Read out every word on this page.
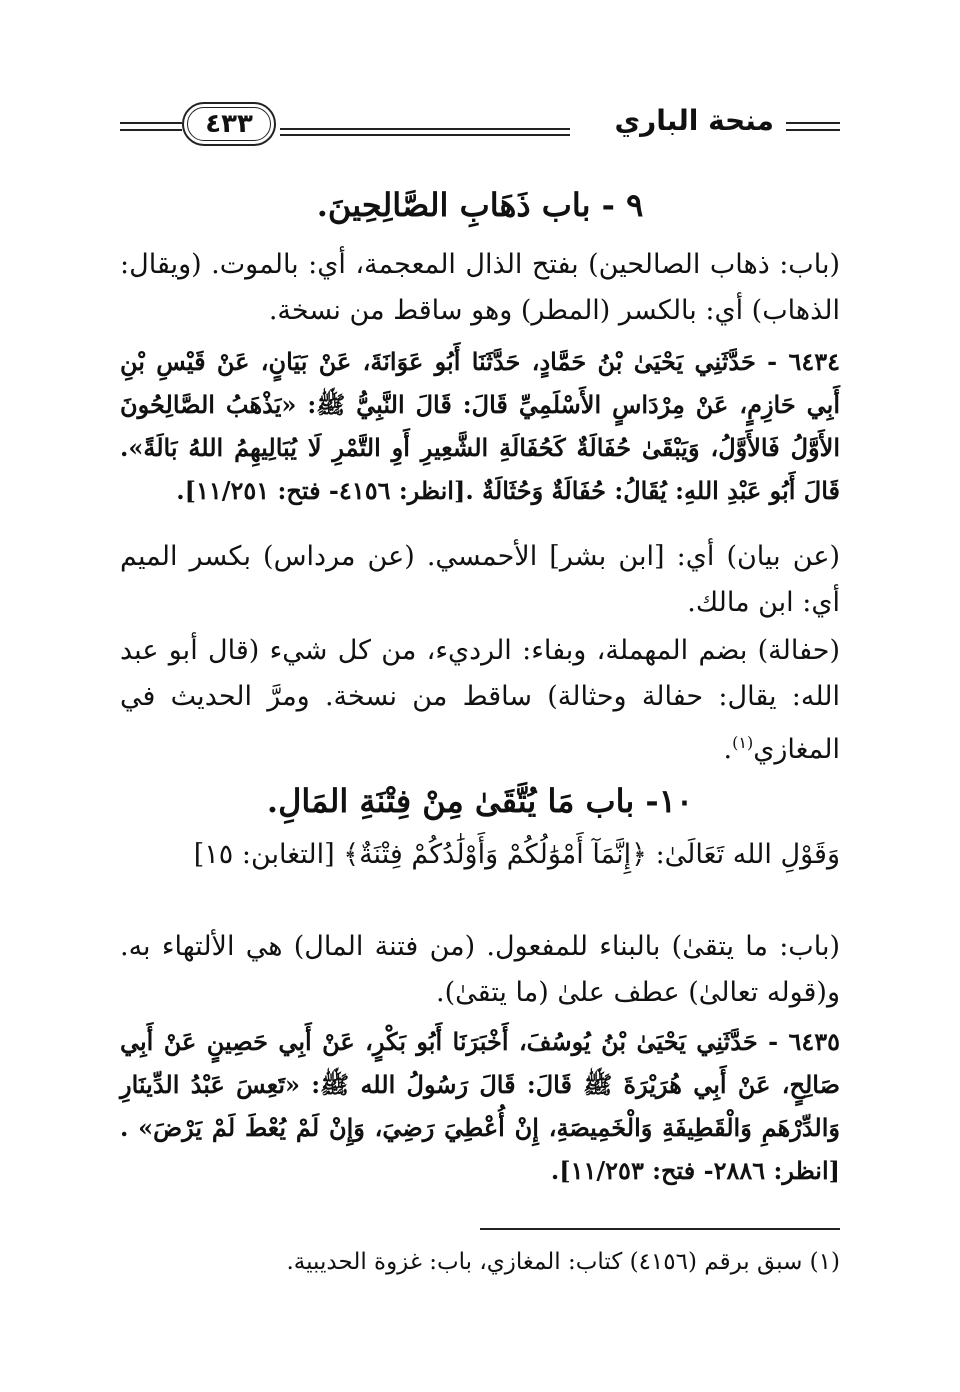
منحة الباري
٤٣٣
٩ - باب ذَهَابِ الصَّالِحِينَ.
(باب: ذهاب الصالحين) بفتح الذال المعجمة، أي: بالموت. (ويقال: الذهاب) أي: بالكسر (المطر) وهو ساقط من نسخة.
٦٤٣٤ - حَدَّثَنِي يَحْيَىٰ بْنُ حَمَّادٍ، حَدَّثَنَا أَبُو عَوَانَةَ، عَنْ بَيَانٍ، عَنْ قَيْسِ بْنِ أَبِي حَازِمٍ، عَنْ مِرْدَاسٍ الأَسْلَمِيِّ قَالَ: قَالَ النَّبِيُّ ﷺ: «يَذْهَبُ الصَّالِحُونَ الأَوَّلُ فَالأَوَّلُ، وَيَبْقَىٰ حُفَالَةٌ كَحُفَالَةِ الشَّعِيرِ أَوِ التَّمْرِ لَا يُبَالِيهِمُ اللهُ بَالَةً». قَالَ أَبُو عَبْدِ اللهِ: يُقَالُ: حُفَالَةٌ وَحُثَالَةٌ .[انظر: ٤١٥٦- فتح: ١١/٢٥١].
(عن بيان) أي: [ابن بشر] الأحمسي. (عن مرداس) بكسر الميم أي: ابن مالك.
(حفالة) بضم المهملة، وبفاء: الرديء، من كل شيء (قال أبو عبد الله: يقال: حفالة وحثالة) ساقط من نسخة. ومرَّ الحديث في المغازي$^{(١)}$.
١٠- باب مَا يُتَّقَىٰ مِنْ فِتْنَةِ المَالِ.
وَقَوْلِ الله تَعَالَىٰ: ﴿إِنَّمَآ أَمْوَٰلُكُمْ وَأَوْلَٰدُكُمْ فِتْنَةٌ﴾ [التغابن: ١٥]
(باب: ما يتقىٰ) بالبناء للمفعول. (من فتنة المال) هي الألتهاء به. و(قوله تعالىٰ) عطف علىٰ (ما يتقىٰ).
٦٤٣٥ - حَدَّثَنِي يَحْيَىٰ بْنُ يُوسُفَ، أَخْبَرَنَا أَبُو بَكْرٍ، عَنْ أَبِي حَصِينٍ عَنْ أَبِي صَالِحٍ، عَنْ أَبِي هُرَيْرَةَ ﷺ قَالَ: قَالَ رَسُولُ الله ﷺ: «تَعِسَ عَبْدُ الدِّينَارِ وَالدِّرْهَمِ وَالْقَطِيفَةِ وَالْخَمِيصَةِ، إِنْ أُعْطِيَ رَضِيَ، وَإِنْ لَمْ يُعْطَ لَمْ يَرْضَ» .[انظر: ٢٨٨٦- فتح: ١١/٢٥٣].
(١) سبق برقم (٤١٥٦) كتاب: المغازي، باب: غزوة الحديبية.
